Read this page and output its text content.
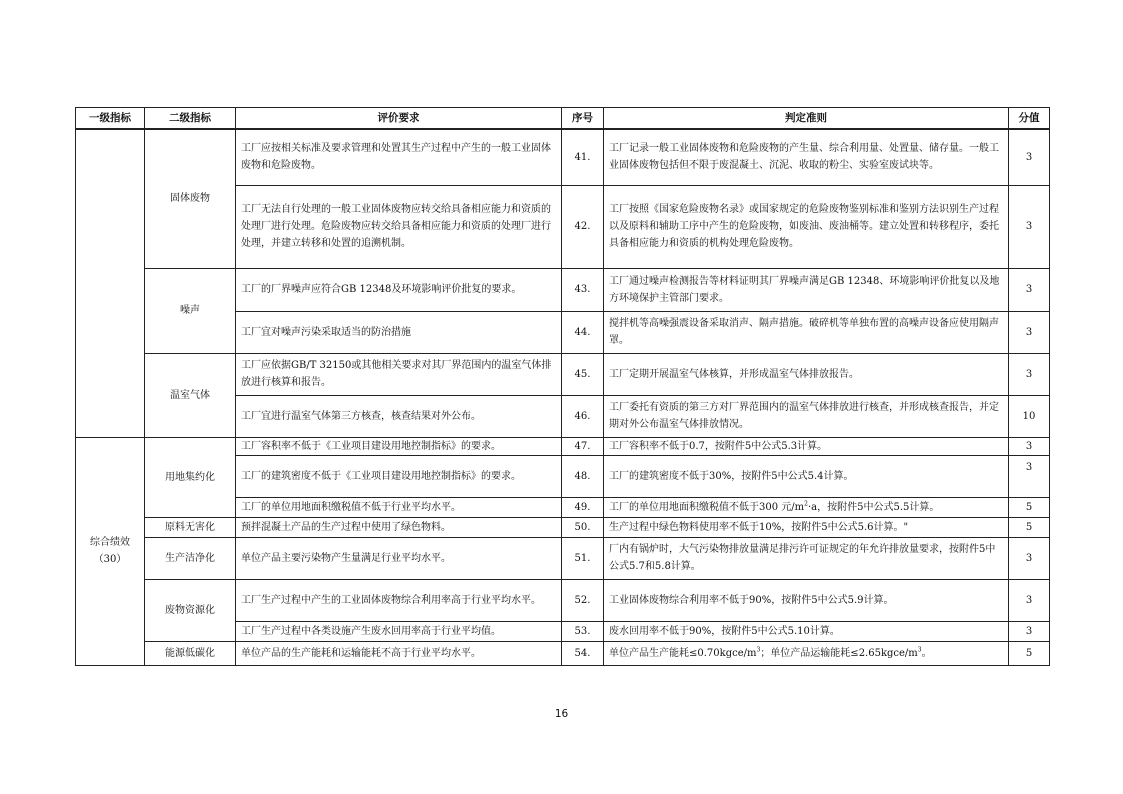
一级指标	二级指标	评价要求	序号	判定准则	分值
	固体废物	工厂应按相关标准及要求管理和处置其生产过程中产生的一般工业固体废物和危险废物。	41.	工厂记录一般工业固体废物和危险废物的产生量、综合利用量、处置量、储存量。一般工业固体废物包括但不限于废混凝土、沉泥、收取的粉尘、实验室废试块等。	3
		工厂无法自行处理的一般工业固体废物应转交给具备相应能力和资质的处理厂进行处理。危险废物应转交给具备相应能力和资质的处理厂进行处理，并建立转移和处置的追溯机制。	42.	工厂按照《国家危险废物名录》或国家规定的危险废物鉴别标准和鉴别方法识别生产过程以及原料和辅助工序中产生的危险废物，如废油、废油桶等。建立处置和转移程序，委托具备相应能力和资质的机构处理危险废物。	3
	噪声	工厂的厂界噪声应符合GB 12348及环境影响评价批复的要求。	43.	工厂通过噪声检测报告等材料证明其厂界噪声满足GB 12348、环境影响评价批复以及地方环境保护主管部门要求。	3
		工厂宜对噪声污染采取适当的防治措施	44.	搅拌机等高噪强震设备采取消声、隔声措施。破碎机等单独布置的高噪声设备应使用隔声罩。	3
	温室气体	工厂应依据GB/T 32150或其他相关要求对其厂界范围内的温室气体排放进行核算和报告。	45.	工厂定期开展温室气体核算，并形成温室气体排放报告。	3
		工厂宜进行温室气体第三方核查，核查结果对外公布。	46.	工厂委托有资质的第三方对厂界范围内的温室气体排放进行核查，并形成核查报告，并定期对外公布温室气体排放情况。	10

综合绩效
（30）	用地集约化	工厂容积率不低于《工业项目建设用地控制指标》的要求。	47.	工厂容积率不低于0.7，按附件5中公式5.3计算。	3
		工厂的建筑密度不低于《工业项目建设用地控制指标》的要求。	48.	工厂的建筑密度不低于30%，按附件5中公式5.4计算。	3
		工厂的单位用地面积缴税值不低于行业平均水平。	49.	工厂的单位用地面积缴税值不低于300 元$/m^2\cdot a$，按附件5中公式5.5计算。	5
	原料无害化	预拌混凝土产品的生产过程中使用了绿色物料。	50.	生产过程中绿色物料使用率不低于10%，按附件5中公式5.6计算。"	5
	生产洁净化	单位产品主要污染物产生量满足行业平均水平。	51.	厂内有锅炉时，大气污染物排放量满足排污许可证规定的年允许排放量要求，按附件5中公式5.7和5.8计算。	3
	废物资源化	工厂生产过程中产生的工业固体废物综合利用率高于行业平均水平。	52.	工业固体废物综合利用率不低于90%，按附件5中公式5.9计算。	3
		工厂生产过程中各类设施产生废水回用率高于行业平均值。	53.	废水回用率不低于90%，按附件5中公式5.10计算。	3
	能源低碳化	单位产品的生产能耗和运输能耗不高于行业平均水平。	54.	单位产品生产能耗$\le 0.70kgce/m^3$；单位产品运输能耗$\le 2.65kgce/m^3$。	5
16
